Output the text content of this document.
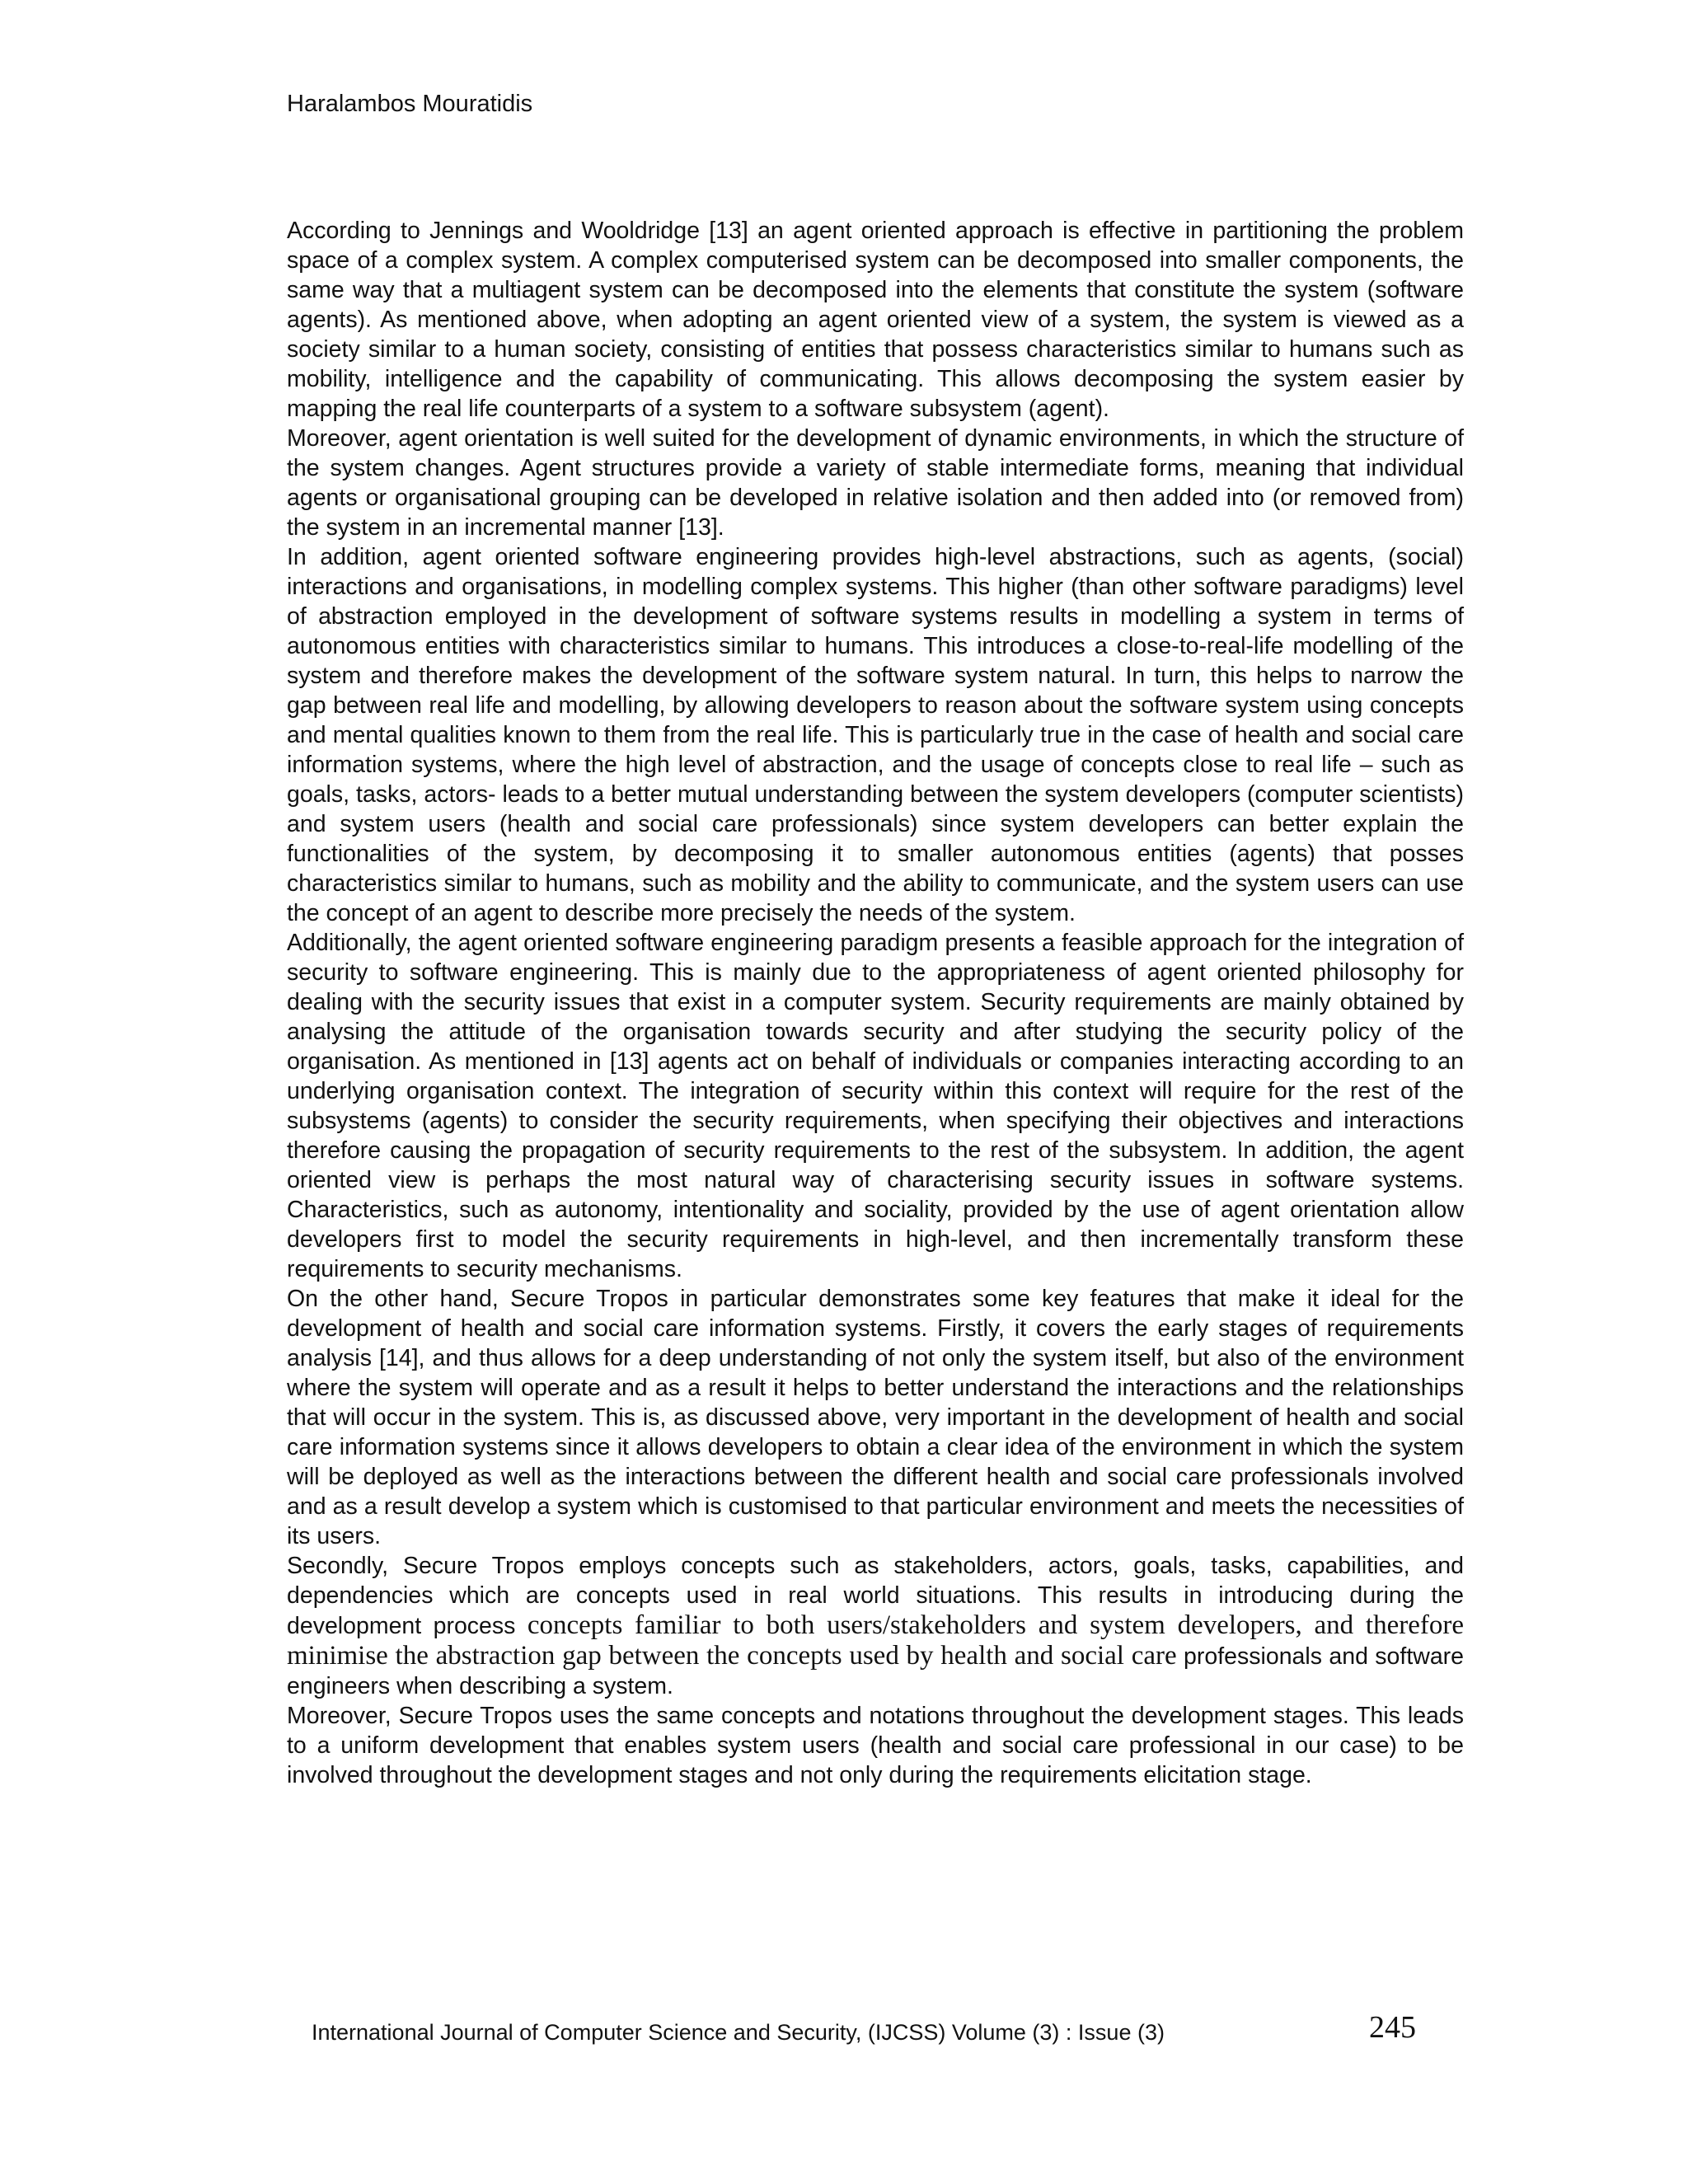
Haralambos Mouratidis

According to Jennings and Wooldridge [13] an agent oriented approach is effective in partitioning the problem space of a complex system. A complex computerised system can be decomposed into smaller components, the same way that a multiagent system can be decomposed into the elements that constitute the system (software agents). As mentioned above, when adopting an agent oriented view of a system, the system is viewed as a society similar to a human society, consisting of entities that possess characteristics similar to humans such as mobility, intelligence and the capability of communicating. This allows decomposing the system easier by mapping the real life counterparts of a system to a software subsystem (agent).

Moreover, agent orientation is well suited for the development of dynamic environments, in which the structure of the system changes. Agent structures provide a variety of stable intermediate forms, meaning that individual agents or organisational grouping can be developed in relative isolation and then added into (or removed from) the system in an incremental manner [13].

In addition, agent oriented software engineering provides high-level abstractions, such as agents, (social) interactions and organisations, in modelling complex systems. This higher (than other software paradigms) level of abstraction employed in the development of software systems results in modelling a system in terms of autonomous entities with characteristics similar to humans. This introduces a close-to-real-life modelling of the system and therefore makes the development of the software system natural. In turn, this helps to narrow the gap between real life and modelling, by allowing developers to reason about the software system using concepts and mental qualities known to them from the real life. This is particularly true in the case of health and social care information systems, where the high level of abstraction, and the usage of concepts close to real life – such as goals, tasks, actors- leads to a better mutual understanding between the system developers (computer scientists) and system users (health and social care professionals) since system developers can better explain the functionalities of the system, by decomposing it to smaller autonomous entities (agents) that posses characteristics similar to humans, such as mobility and the ability to communicate, and the system users can use the concept of an agent to describe more precisely the needs of the system.

Additionally, the agent oriented software engineering paradigm presents a feasible approach for the integration of security to software engineering. This is mainly due to the appropriateness of agent oriented philosophy for dealing with the security issues that exist in a computer system. Security requirements are mainly obtained by analysing the attitude of the organisation towards security and after studying the security policy of the organisation. As mentioned in [13] agents act on behalf of individuals or companies interacting according to an underlying organisation context. The integration of security within this context will require for the rest of the subsystems (agents) to consider the security requirements, when specifying their objectives and interactions therefore causing the propagation of security requirements to the rest of the subsystem. In addition, the agent oriented view is perhaps the most natural way of characterising security issues in software systems. Characteristics, such as autonomy, intentionality and sociality, provided by the use of agent orientation allow developers first to model the security requirements in high-level, and then incrementally transform these requirements to security mechanisms.

On the other hand, Secure Tropos in particular demonstrates some key features that make it ideal for the development of health and social care information systems. Firstly, it covers the early stages of requirements analysis [14], and thus allows for a deep understanding of not only the system itself, but also of the environment where the system will operate and as a result it helps to better understand the interactions and the relationships that will occur in the system. This is, as discussed above, very important in the development of health and social care information systems since it allows developers to obtain a clear idea of the environment in which the system will be deployed as well as the interactions between the different health and social care professionals involved and as a result develop a system which is customised to that particular environment and meets the necessities of its users.

Secondly, Secure Tropos employs concepts such as stakeholders, actors, goals, tasks, capabilities, and dependencies which are concepts used in real world situations. This results in introducing during the development process concepts familiar to both users/stakeholders and system developers, and therefore minimise the abstraction gap between the concepts used by health and social care professionals and software engineers when describing a system.

Moreover, Secure Tropos uses the same concepts and notations throughout the development stages. This leads to a uniform development that enables system users (health and social care professional in our case) to be involved throughout the development stages and not only during the requirements elicitation stage.

International Journal of Computer Science and Security, (IJCSS) Volume (3) : Issue (3)	245
